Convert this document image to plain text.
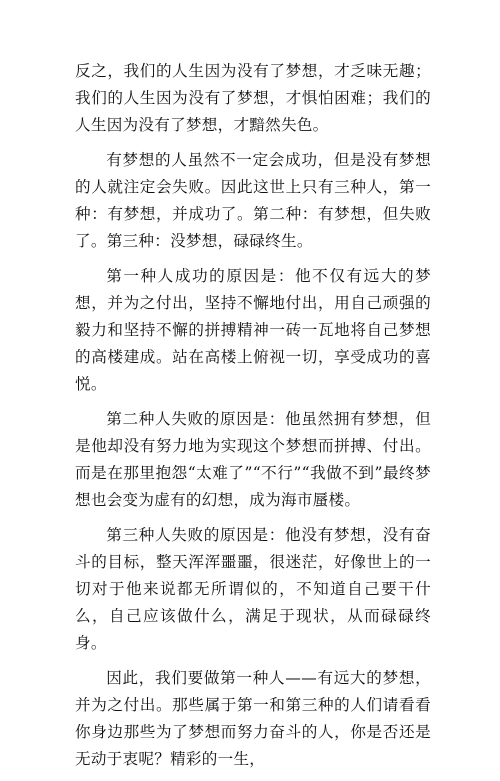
反之，我们的人生因为没有了梦想，才乏味无趣；我们的人生因为没有了梦想，才惧怕困难；我们的人生因为没有了梦想，才黯然失色。

有梦想的人虽然不一定会成功，但是没有梦想的人就注定会失败。因此这世上只有三种人，第一种：有梦想，并成功了。第二种：有梦想，但失败了。第三种：没梦想，碌碌终生。

第一种人成功的原因是：他不仅有远大的梦想，并为之付出，坚持不懈地付出，用自己顽强的毅力和坚持不懈的拼搏精神一砖一瓦地将自己梦想的高楼建成。站在高楼上俯视一切，享受成功的喜悦。

第二种人失败的原因是：他虽然拥有梦想，但是他却没有努力地为实现这个梦想而拼搏、付出。而是在那里抱怨“太难了”“不行”“我做不到”最终梦想也会变为虚有的幻想，成为海市蜃楼。

第三种人失败的原因是：他没有梦想，没有奋斗的目标，整天浑浑噩噩，很迷茫，好像世上的一切对于他来说都无所谓似的，不知道自己要干什么，自己应该做什么，满足于现状，从而碌碌终身。

因此，我们要做第一种人——有远大的梦想，并为之付出。那些属于第一和第三种的人们请看看你身边那些为了梦想而努力奋斗的人，你是否还是无动于衷呢？精彩的一生，
